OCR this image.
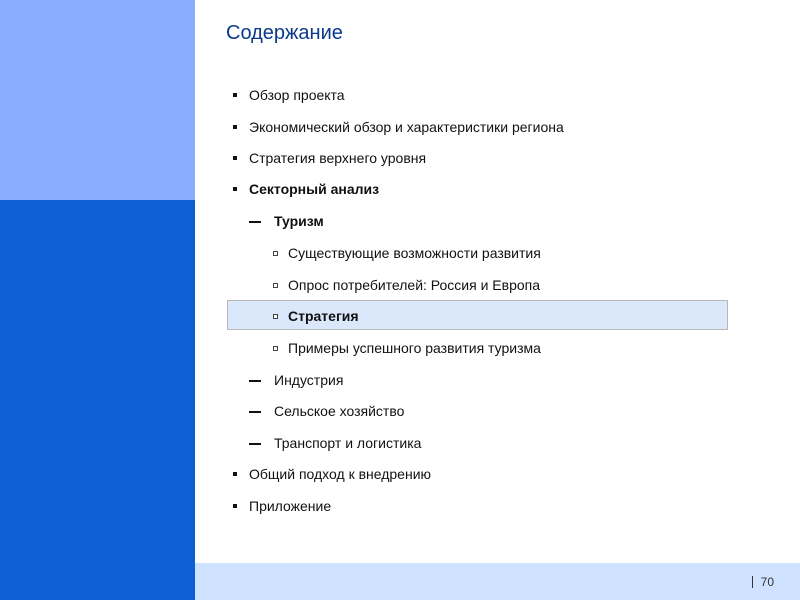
70
Содержание
Обзор проекта
Экономический обзор и характеристики региона
Стратегия верхнего уровня
Секторный анализ
Туризм
Существующие возможности развития
Опрос потребителей: Россия и Европа
Стратегия
Примеры успешного развития туризма
Индустрия
Сельское хозяйство
Транспорт и логистика
Общий подход к внедрению
Приложение
